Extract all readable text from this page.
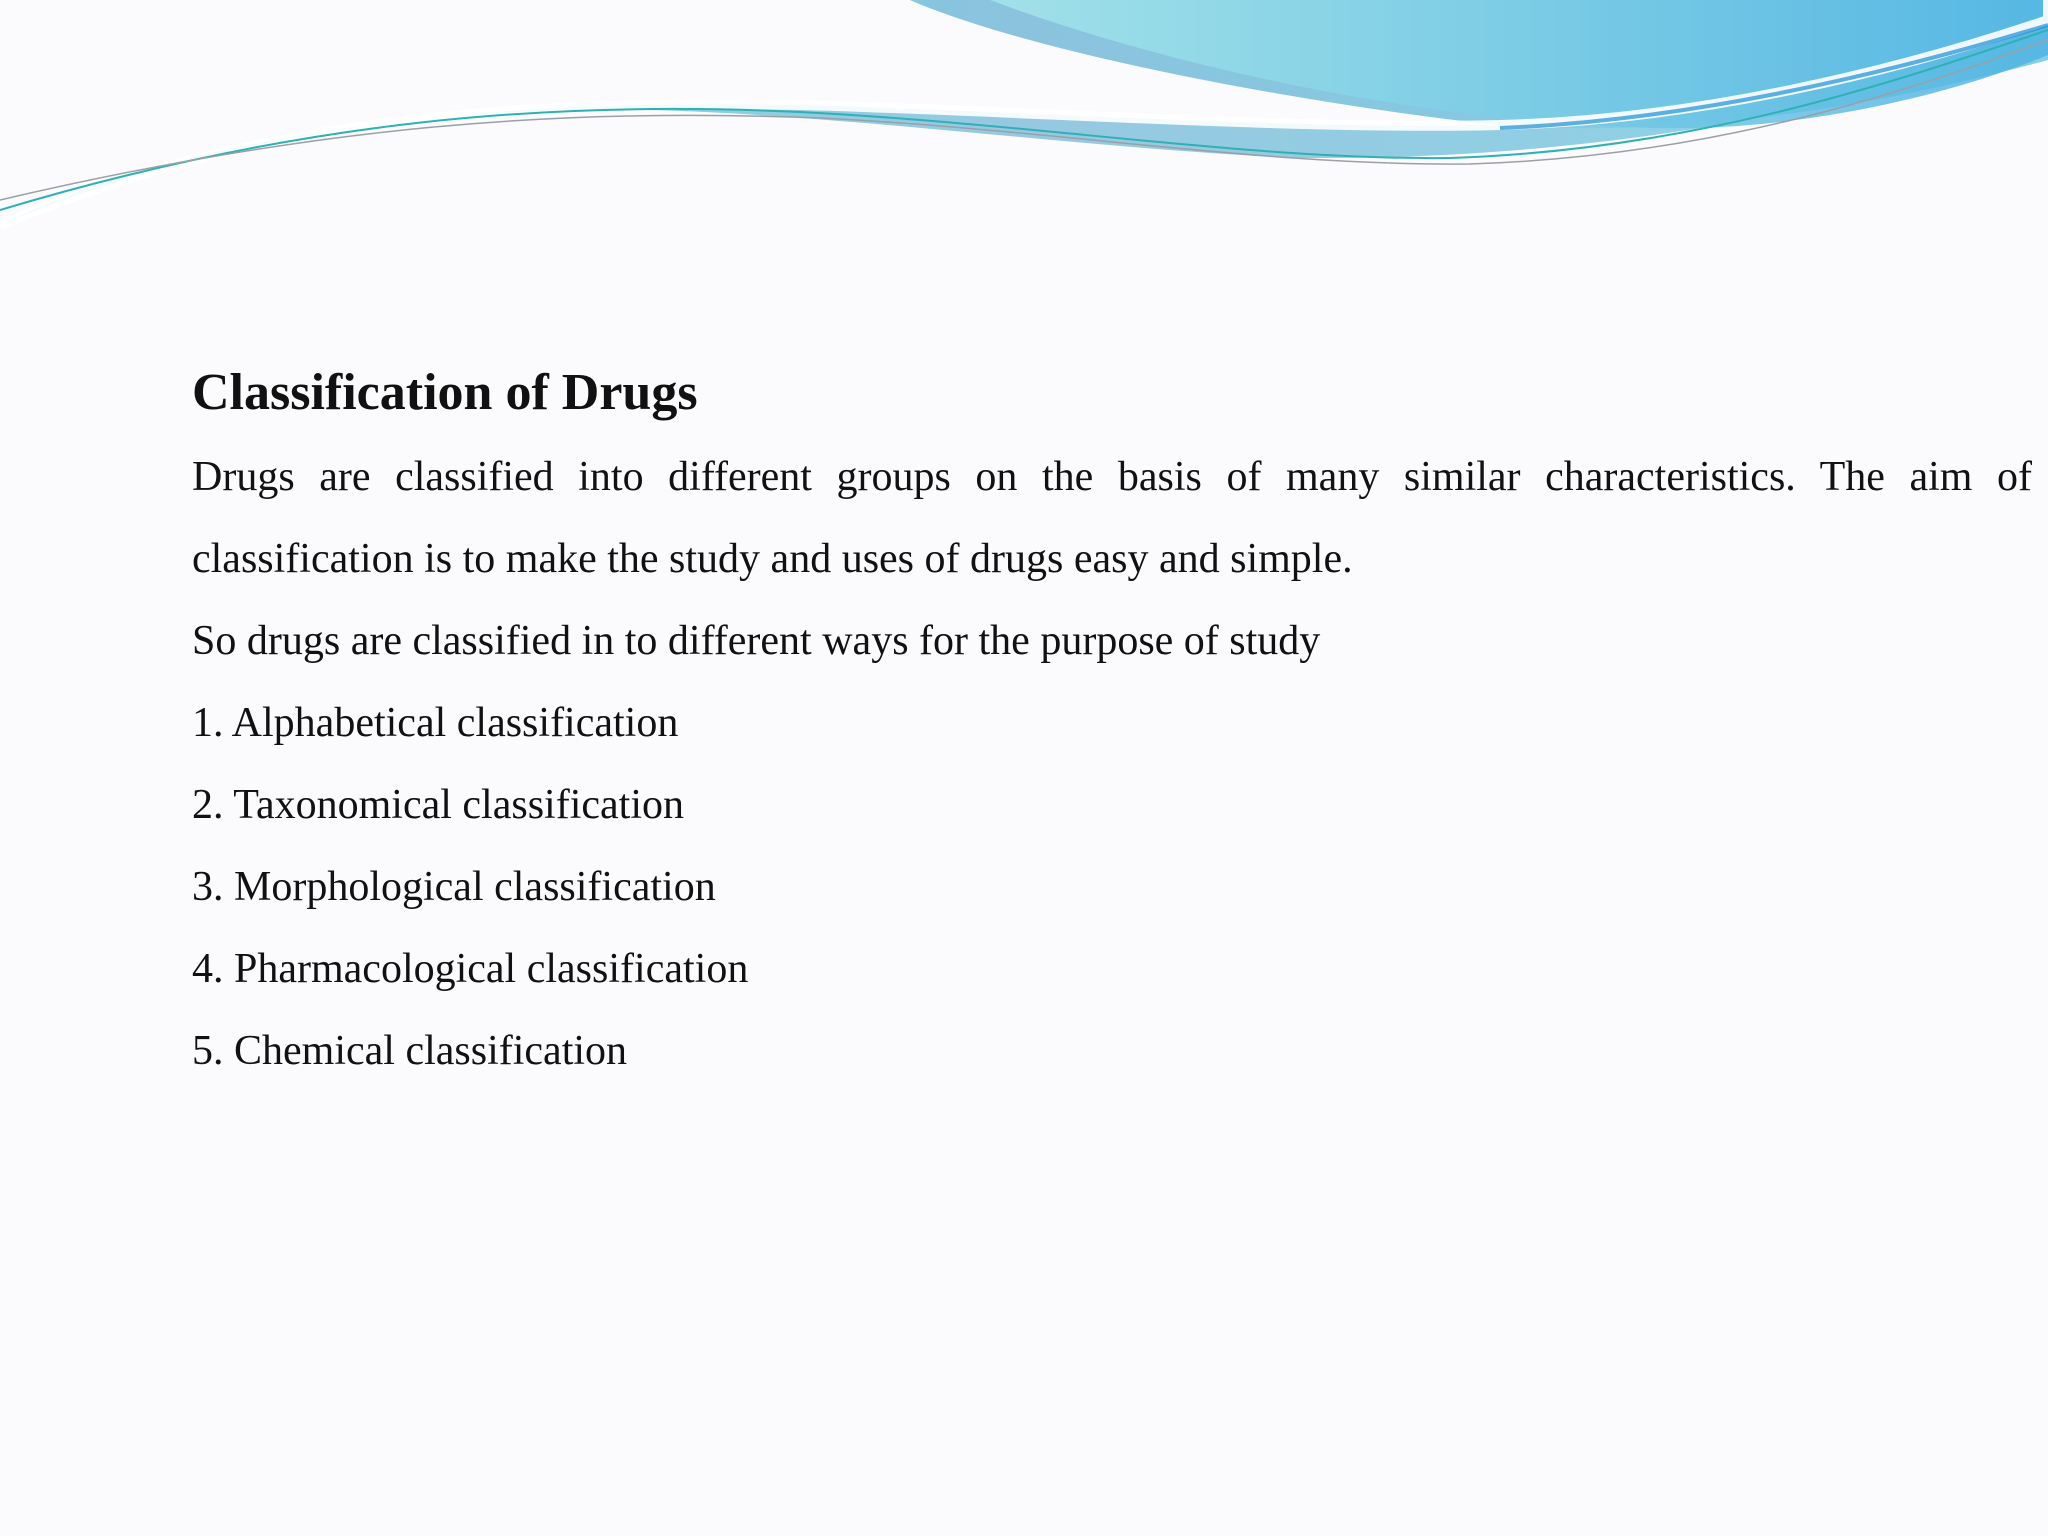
Classification of Drugs

Drugs are classified into different groups on the basis of many similar characteristics. The aim of classification is to make the study and uses of drugs easy and simple.

So drugs are classified in to different ways for the purpose of study

1. Alphabetical classification
2. Taxonomical classification
3. Morphological classification
4. Pharmacological classification
5. Chemical classification
